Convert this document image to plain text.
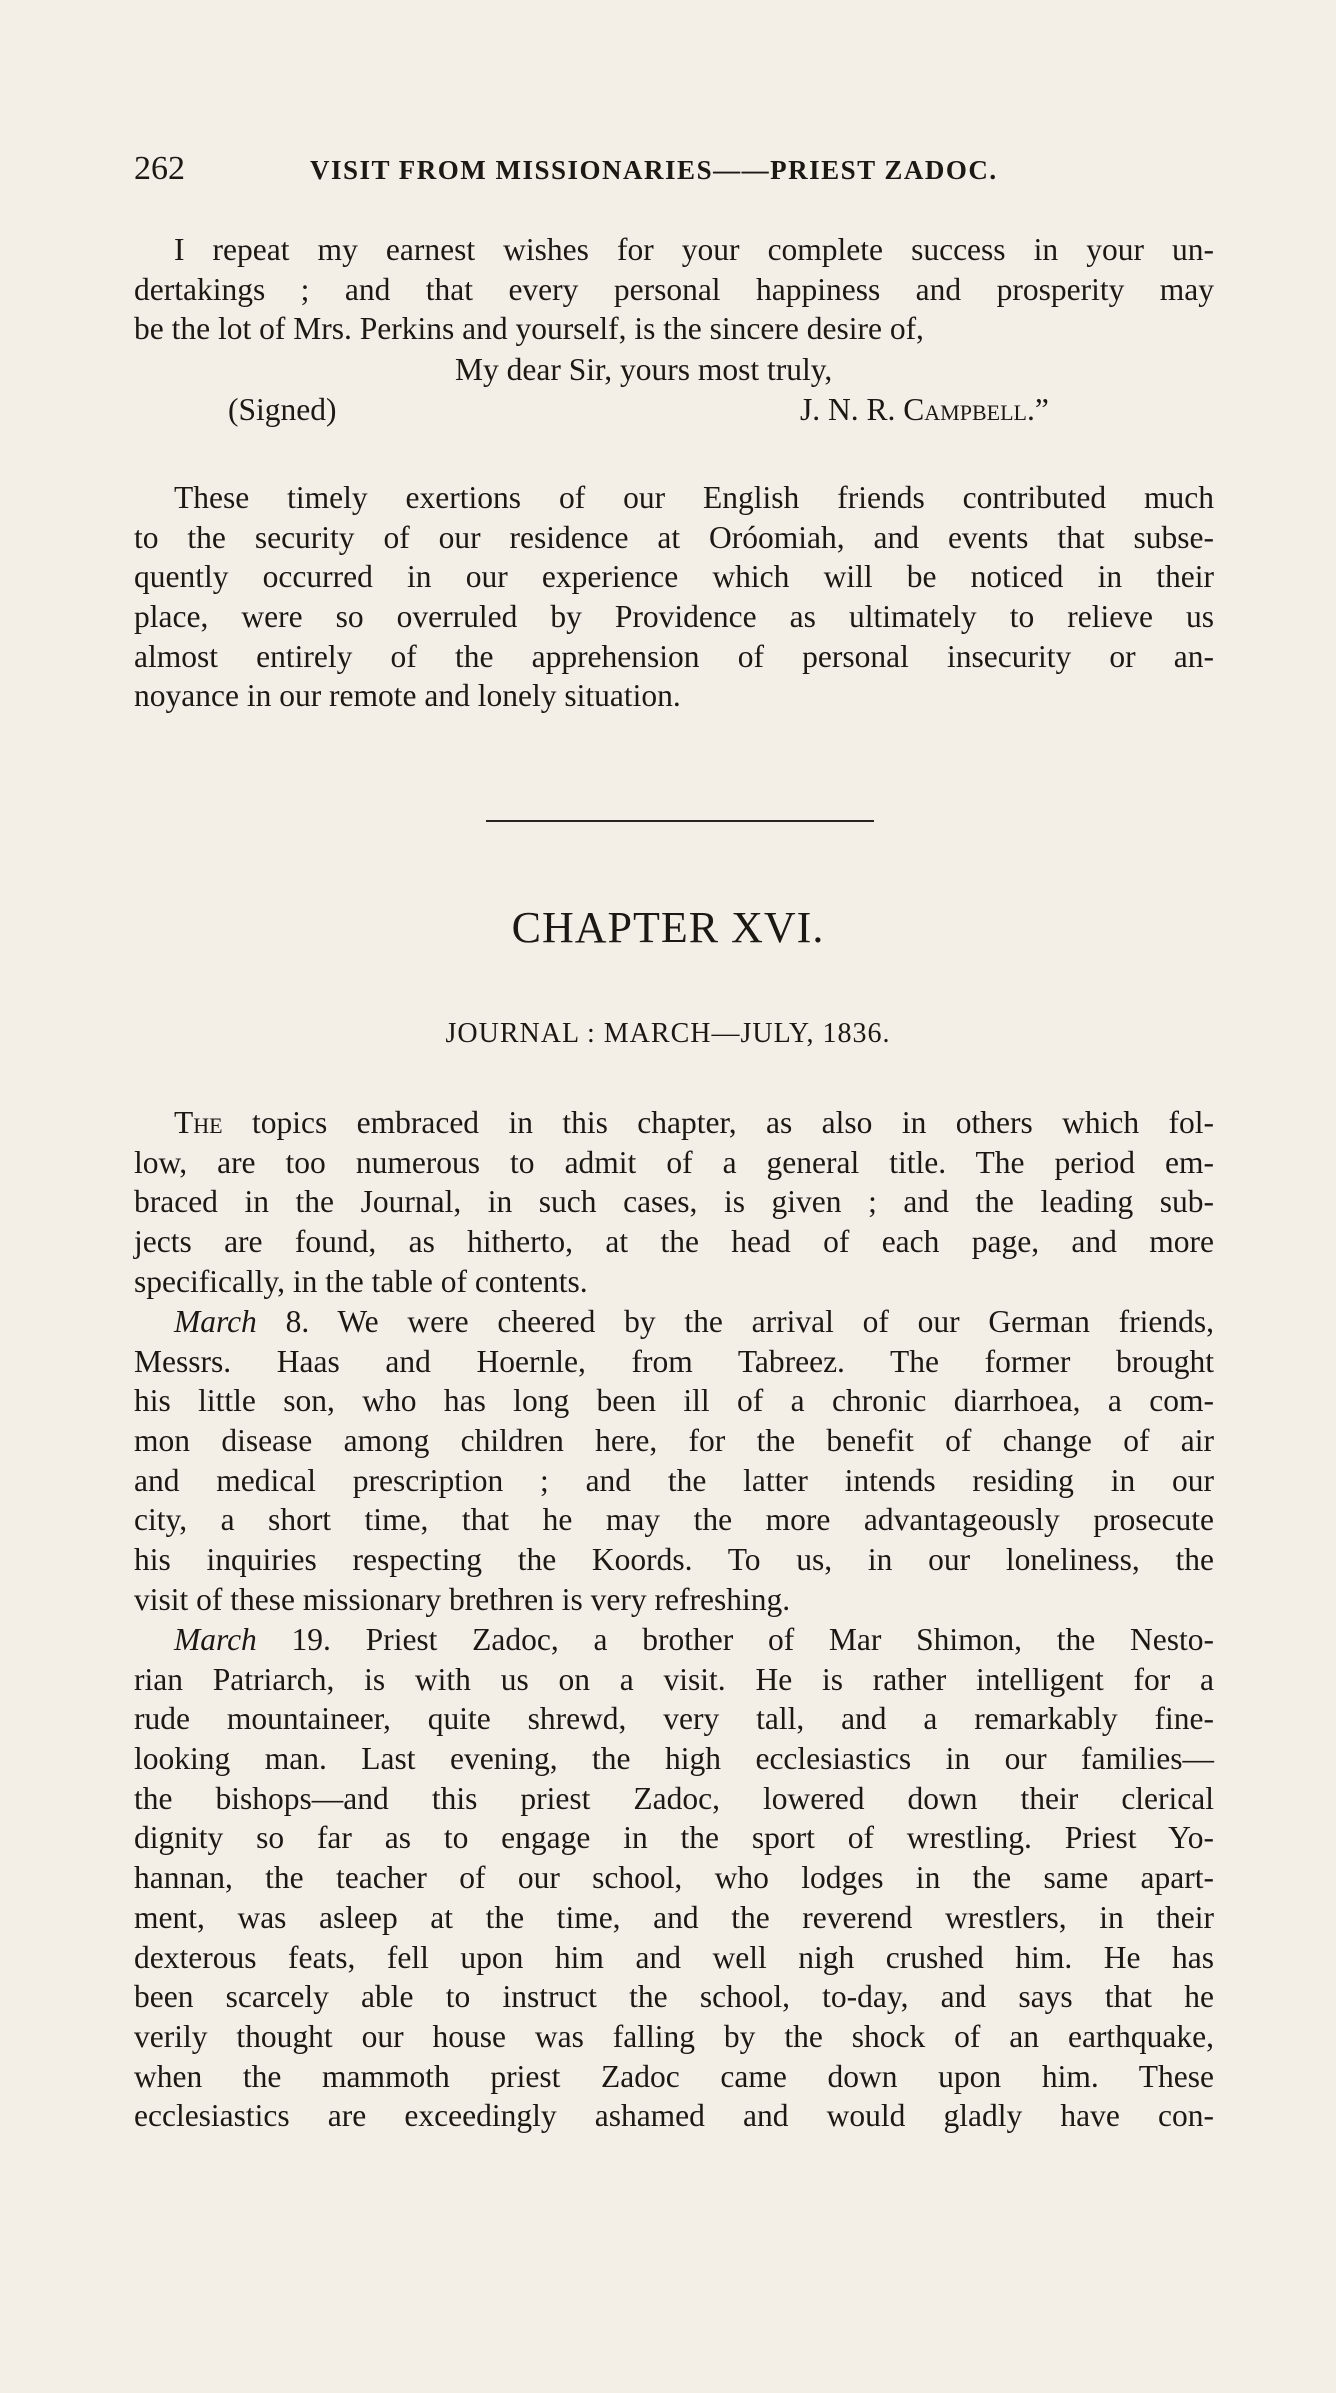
262	VISIT FROM MISSIONARIES——PRIEST ZADOC.
I repeat my earnest wishes for your complete success in your un-
dertakings ; and that every personal happiness and prosperity may
be the lot of Mrs. Perkins and yourself, is the sincere desire of,
My dear Sir, yours most truly,
(Signed)	J. N. R. Campbell.”
These timely exertions of our English friends contributed much
to the security of our residence at Oróomiah, and events that subse-
quently occurred in our experience which will be noticed in their
place, were so overruled by Providence as ultimately to relieve us
almost entirely of the apprehension of personal insecurity or an-
noyance in our remote and lonely situation.
CHAPTER XVI.
JOURNAL : MARCH—JULY, 1836.
The topics embraced in this chapter, as also in others which fol-
low, are too numerous to admit of a general title. The period em-
braced in the Journal, in such cases, is given ; and the leading sub-
jects are found, as hitherto, at the head of each page, and more
specifically, in the table of contents.
March 8. We were cheered by the arrival of our German friends,
Messrs. Haas and Hoernle, from Tabreez. The former brought
his little son, who has long been ill of a chronic diarrhoea, a com-
mon disease among children here, for the benefit of change of air
and medical prescription ; and the latter intends residing in our
city, a short time, that he may the more advantageously prosecute
his inquiries respecting the Koords. To us, in our loneliness, the
visit of these missionary brethren is very refreshing.
March 19. Priest Zadoc, a brother of Mar Shimon, the Nesto-
rian Patriarch, is with us on a visit. He is rather intelligent for a
rude mountaineer, quite shrewd, very tall, and a remarkably fine-
looking man. Last evening, the high ecclesiastics in our families—
the bishops—and this priest Zadoc, lowered down their clerical
dignity so far as to engage in the sport of wrestling. Priest Yo-
hannan, the teacher of our school, who lodges in the same apart-
ment, was asleep at the time, and the reverend wrestlers, in their
dexterous feats, fell upon him and well nigh crushed him. He has
been scarcely able to instruct the school, to-day, and says that he
verily thought our house was falling by the shock of an earthquake,
when the mammoth priest Zadoc came down upon him. These
ecclesiastics are exceedingly ashamed and would gladly have con-
